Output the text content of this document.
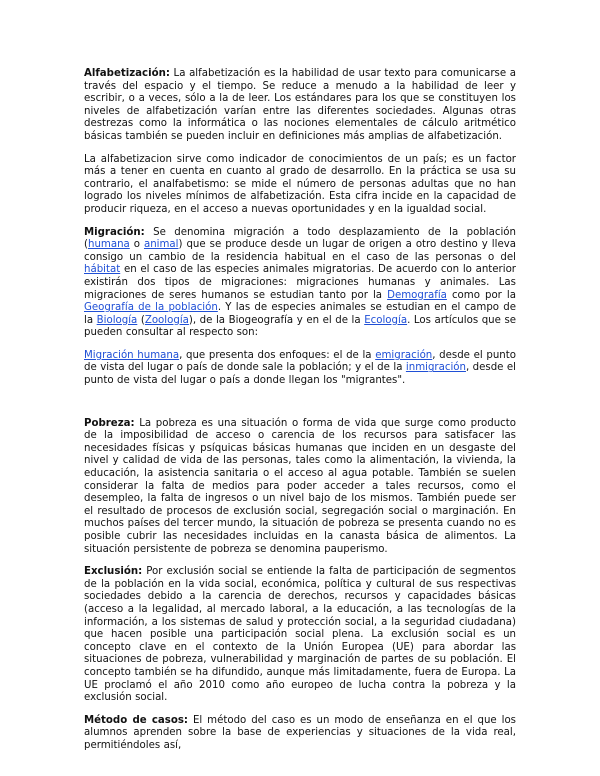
Alfabetización: La alfabetización es la habilidad de usar texto para comunicarse a través del espacio y el tiempo. Se reduce a menudo a la habilidad de leer y escribir, o a veces, sólo a la de leer. Los estándares para los que se constituyen los niveles de alfabetización varían entre las diferentes sociedades. Algunas otras destrezas como la informática o las nociones elementales de cálculo aritmético básicas también se pueden incluir en definiciones más amplias de alfabetización.

La alfabetizacion sirve como indicador de conocimientos de un país; es un factor más a tener en cuenta en cuanto al grado de desarrollo. En la práctica se usa su contrario, el analfabetismo: se mide el número de personas adultas que no han logrado los niveles mínimos de alfabetización. Esta cifra incide en la capacidad de producir riqueza, en el acceso a nuevas oportunidades y en la igualdad social.

Migración: Se denomina migración a todo desplazamiento de la población (humana o animal) que se produce desde un lugar de origen a otro destino y lleva consigo un cambio de la residencia habitual en el caso de las personas o del hábitat en el caso de las especies animales migratorias. De acuerdo con lo anterior existirán dos tipos de migraciones: migraciones humanas y animales. Las migraciones de seres humanos se estudian tanto por la Demografía como por la Geografía de la población. Y las de especies animales se estudian en el campo de la Biología (Zoología), de la Biogeografía y en el de la Ecología. Los artículos que se pueden consultar al respecto son:

Migración humana, que presenta dos enfoques: el de la emigración, desde el punto de vista del lugar o país de donde sale la población; y el de la inmigración, desde el punto de vista del lugar o país a donde llegan los "migrantes".

Pobreza: La pobreza es una situación o forma de vida que surge como producto de la imposibilidad de acceso o carencia de los recursos para satisfacer las necesidades físicas y psíquicas básicas humanas que inciden en un desgaste del nivel y calidad de vida de las personas, tales como la alimentación, la vivienda, la educación, la asistencia sanitaria o el acceso al agua potable. También se suelen considerar la falta de medios para poder acceder a tales recursos, como el desempleo, la falta de ingresos o un nivel bajo de los mismos. También puede ser el resultado de procesos de exclusión social, segregación social o marginación. En muchos países del tercer mundo, la situación de pobreza se presenta cuando no es posible cubrir las necesidades incluidas en la canasta básica de alimentos. La situación persistente de pobreza se denomina pauperismo.

Exclusión: Por exclusión social se entiende la falta de participación de segmentos de la población en la vida social, económica, política y cultural de sus respectivas sociedades debido a la carencia de derechos, recursos y capacidades básicas (acceso a la legalidad, al mercado laboral, a la educación, a las tecnologías de la información, a los sistemas de salud y protección social, a la seguridad ciudadana) que hacen posible una participación social plena. La exclusión social es un concepto clave en el contexto de la Unión Europea (UE) para abordar las situaciones de pobreza, vulnerabilidad y marginación de partes de su población. El concepto también se ha difundido, aunque más limitadamente, fuera de Europa. La UE proclamó el año 2010 como año europeo de lucha contra la pobreza y la exclusión social.

Método de casos: El método del caso es un modo de enseñanza en el que los alumnos aprenden sobre la base de experiencias y situaciones de la vida real, permitiéndoles así,
